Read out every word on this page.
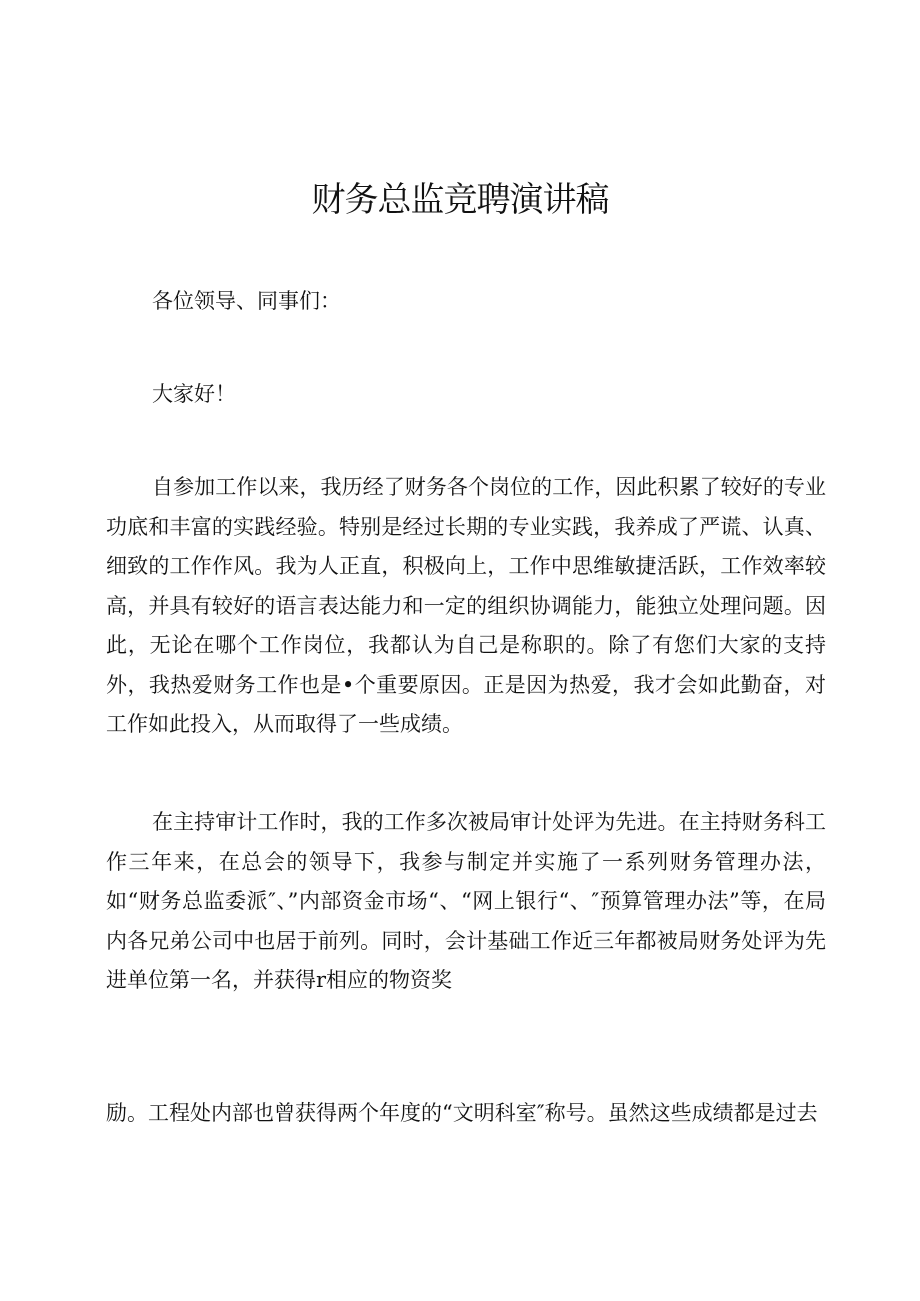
财务总监竞聘演讲稿

各位领导、同事们：

大家好！

自参加工作以来，我历经了财务各个岗位的工作，因此积累了较好的专业功底和丰富的实践经验。特别是经过长期的专业实践，我养成了严谎、认真、细致的工作作风。我为人正直，积极向上，工作中思维敏捷活跃，工作效率较高，并具有较好的语言表达能力和一定的组织协调能力，能独立处理问题。因此，无论在哪个工作岗位，我都认为自己是称职的。除了有您们大家的支持外，我热爱财务工作也是•个重要原因。正是因为热爱，我才会如此勤奋，对工作如此投入，从而取得了一些成绩。

在主持审计工作时，我的工作多次被局审计处评为先进。在主持财务科工作三年来，在总会的领导下，我参与制定并实施了一系列财务管理办法，如“财务总监委派″、”内部资金市场“、“网上银行“、″预算管理办法”等，在局内各兄弟公司中也居于前列。同时，会计基础工作近三年都被局财务处评为先进单位第一名，并获得r相应的物资奖

励。工程处内部也曾获得两个年度的“文明科室″称号。虽然这些成绩都是过去
